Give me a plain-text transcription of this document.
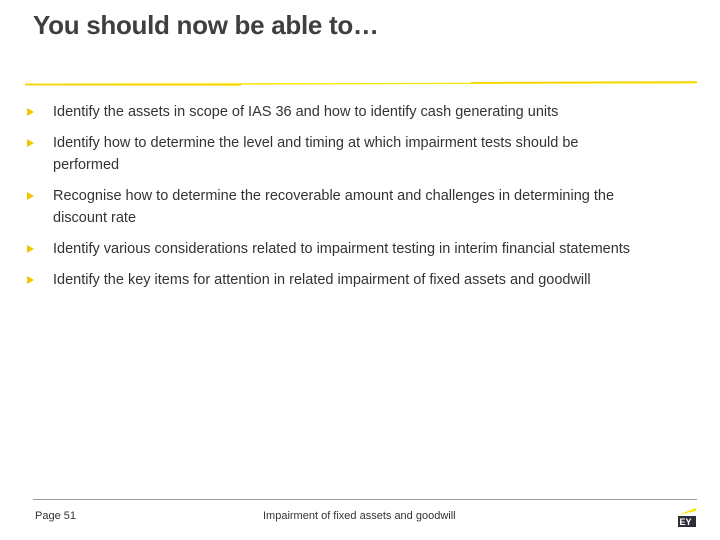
You should now be able to…
Identify the assets in scope of IAS 36 and how to identify cash generating units
Identify how to determine the level and timing at which impairment tests should be performed
Recognise how to determine the recoverable amount and challenges in determining the discount rate
Identify various considerations related to impairment testing in interim financial statements
Identify the key items for attention in related impairment of fixed assets and goodwill
Page 51	Impairment of fixed assets and goodwill	EY
